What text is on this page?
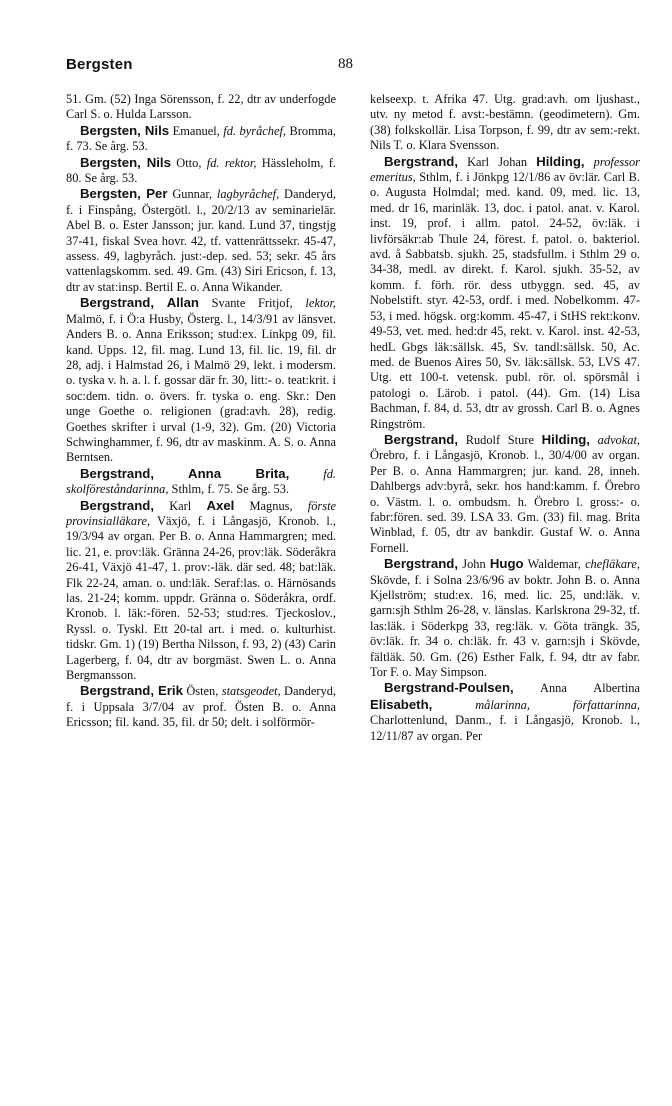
Bergsten	88

51. Gm. (52) Inga Sörensson, f. 22, dtr av underfogde Carl S. o. Hulda Larsson.

Bergsten, Nils Emanuel, fd. byråchef, Bromma, f. 73. Se årg. 53.

Bergsten, Nils Otto, fd. rektor, Hässleholm, f. 80. Se årg. 53.

Bergsten, Per Gunnar, lagbyråchef, Danderyd, f. i Finspång, Östergötl. l., 20/2/13 av seminarielär. Abel B. o. Ester Jansson; jur. kand. Lund 37, tingstjg 37-41, fiskal Svea hovr. 42, tf. vattenrättssekr. 45-47, assess. 49, lagbyråch. just:-dep. sed. 53; sekr. 45 års vattenlagskomm. sed. 49. Gm. (43) Siri Ericson, f. 13, dtr av stat:insp. Bertil E. o. Anna Wikander.

Bergstrand, Allan Svante Fritjof, lektor, Malmö, f. i Ö:a Husby, Österg. l., 14/3/91 av länsvet. Anders B. o. Anna Eriksson; stud:ex. Linkpg 09, fil. kand. Upps. 12, fil. mag. Lund 13, fil. lic. 19, fil. dr 28, adj. i Halmstad 26, i Malmö 29, lekt. i modersm. o. tyska v. h. a. l. f. gossar där fr. 30, litt:- o. teat:krit. i soc:dem. tidn. o. övers. fr. tyska o. eng. Skr.: Den unge Goethe o. religionen (grad:avh. 28), redig. Goethes skrifter i urval (1-9, 32). Gm. (20) Victoria Schwinghammer, f. 96, dtr av maskinm. A. S. o. Anna Berntsen.

Bergstrand, Anna Brita,	fd. skolföreståndarinna, Sthlm, f. 75. Se årg. 53.

Bergstrand, Karl Axel Magnus, förste provinsialläkare, Växjö, f. i Långasjö, Kronob. l., 19/3/94 av organ. Per B. o. Anna Hammargren; med. lic. 21, e. prov:läk. Gränna 24-26, prov:läk. Söderåkra 26-41, Växjö 41-47, 1. prov:-läk. där sed. 48; bat:läk. Flk 22-24, aman. o. und:läk. Seraf:las. o. Härnösands las. 21-24; komm. uppdr. Gränna o. Söderåkra, ordf. Kronob. l. läk:-fören. 52-53; stud:res. Tjeckoslov., Ryssl. o. Tyskl. Ett 20-tal art. i med. o. kulturhist. tidskr. Gm. 1) (19) Bertha Nilsson, f. 93, 2) (43) Carin Lagerberg, f. 04, dtr av borgmäst. Swen L. o. Anna Bergmansson.

Bergstrand, Erik Östen, statsgeodet, Danderyd, f. i Uppsala 3/7/04 av prof. Östen B. o. Anna Ericsson; fil. kand. 35, fil. dr 50; delt. i solförmör-

kelseexp. t. Afrika 47. Utg. grad:avh. om ljushast., utv. ny metod f. avst:-bestämn. (geodimetern). Gm. (38) folkskollär. Lisa Torpson, f. 99, dtr av sem:-rekt. Nils T. o. Klara Svensson.

Bergstrand, Karl Johan Hilding, professor emeritus, Sthlm, f. i Jönkpg 12/1/86 av öv:lär. Carl B. o. Augusta Holmdal; med. kand. 09, med. lic. 13, med. dr 16, marinläk. 13, doc. i patol. anat. v. Karol. inst. 19, prof. i allm. patol. 24-52, öv:läk. i livförsäkr:ab Thule 24, förest. f. patol. o. bakteriol. avd. å Sabbatsb. sjukh. 25, stadsfullm. i Sthlm 29 o. 34-38, medl. av direkt. f. Karol. sjukh. 35-52, av komm. f. förh. rör. dess utbyggn. sed. 45, av Nobelstift. styr. 42-53, ordf. i med. Nobelkomm. 47-53, i med. högsk. org:komm. 45-47, i StHS rekt:konv. 49-53, vet. med. hed:dr 45, rekt. v. Karol. inst. 42-53, hedL Gbgs läk:sällsk. 45, Sv. tandl:sällsk. 50, Ac. med. de Buenos Aires 50, Sv. läk:sällsk. 53, LVS 47. Utg. ett 100-t. vetensk. publ. rör. ol. spörsmål i patologi o. Lärob. i patol. (44). Gm. (14) Lisa Bachman, f. 84, d. 53, dtr av grossh. Carl B. o. Agnes Ringström.

Bergstrand, Rudolf Sture Hilding, advokat, Örebro, f. i Långasjö, Kronob. l., 30/4/00 av organ. Per B. o. Anna Hammargren; jur. kand. 28, inneh. Dahlbergs adv:byrå, sekr. hos hand:kamm. f. Örebro o. Västm. l. o. ombudsm. h. Örebro l. gross:- o. fabr:fören. sed. 39. LSA 33. Gm. (33) fil. mag. Brita Winblad, f. 05, dtr av bankdir. Gustaf W. o. Anna Fornell.

Bergstrand, John Hugo Waldemar, chefläkare, Skövde, f. i Solna 23/6/96 av boktr. John B. o. Anna Kjellström; stud:ex. 16, med. lic. 25, und:läk. v. garn:sjh Sthlm 26-28, v. länslas. Karlskrona 29-32, tf. las:läk. i Söderkpg 33, reg:läk. v. Göta trängk. 35, öv:läk. fr. 34 o. ch:läk. fr. 43 v. garn:sjh i Skövde, fältläk. 50. Gm. (26) Esther Falk, f. 94, dtr av fabr. Tor F. o. May Simpson.

Bergstrand-Poulsen, Anna Albertina Elisabeth,	målarinna, författarinna, Charlottenlund, Danm., f. i Långasjö, Kronob. l., 12/11/87 av organ. Per
